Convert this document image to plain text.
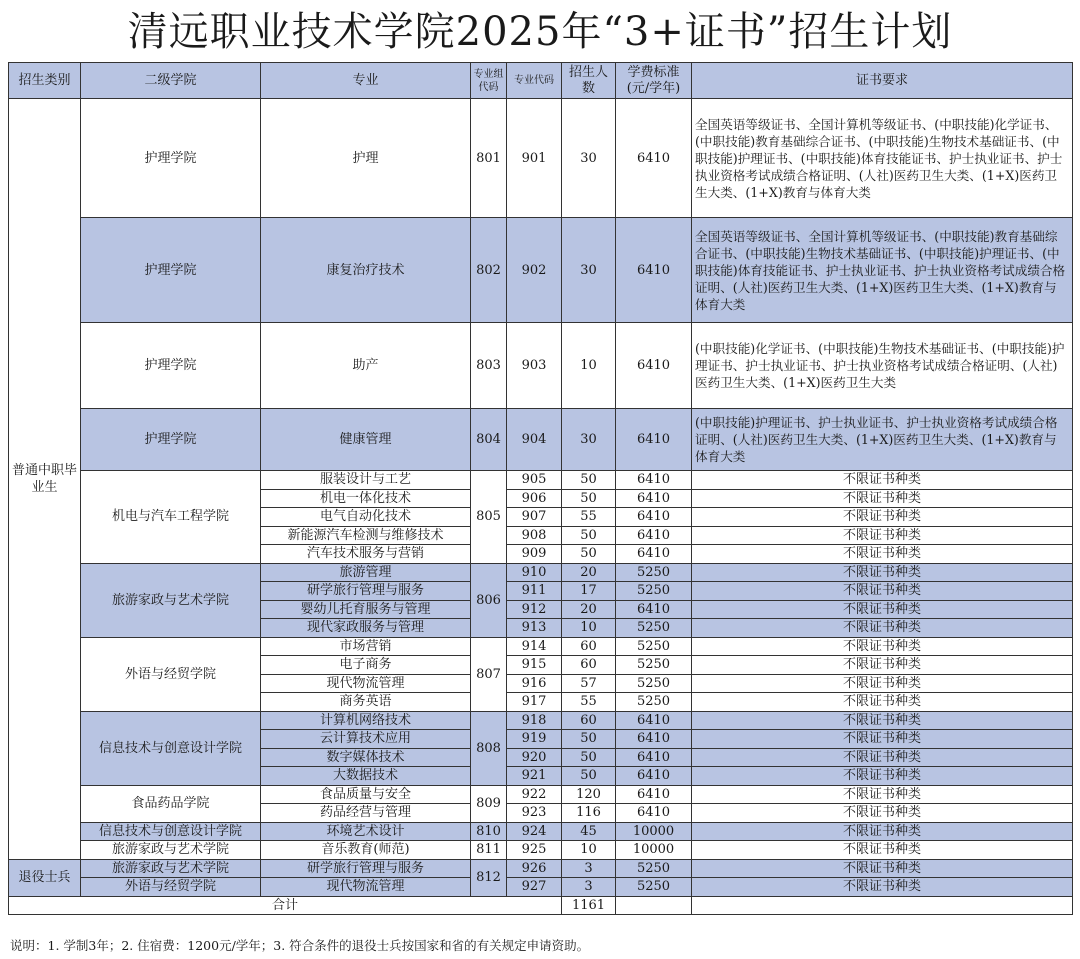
清远职业技术学院2025年“3+证书”招生计划
招生类别	二级学院	专业	专业组代码	专业代码	招生人数	学费标准(元/学年)	证书要求
普通中职毕业生	护理学院	护理	801	901	30	6410	全国英语等级证书、全国计算机等级证书、(中职技能)化学证书、(中职技能)教育基础综合证书、(中职技能)生物技术基础证书、(中职技能)护理证书、(中职技能)体育技能证书、护士执业证书、护士执业资格考试成绩合格证明、(人社)医药卫生大类、(1+X)医药卫生大类、(1+X)教育与体育大类
	护理学院	康复治疗技术	802	902	30	6410	全国英语等级证书、全国计算机等级证书、(中职技能)教育基础综合证书、(中职技能)生物技术基础证书、(中职技能)护理证书、(中职技能)体育技能证书、护士执业证书、护士执业资格考试成绩合格证明、(人社)医药卫生大类、(1+X)医药卫生大类、(1+X)教育与体育大类
	护理学院	助产	803	903	10	6410	(中职技能)化学证书、(中职技能)生物技术基础证书、(中职技能)护理证书、护士执业证书、护士执业资格考试成绩合格证明、(人社)医药卫生大类、(1+X)医药卫生大类
	护理学院	健康管理	804	904	30	6410	(中职技能)护理证书、护士执业证书、护士执业资格考试成绩合格证明、(人社)医药卫生大类、(1+X)医药卫生大类、(1+X)教育与体育大类
	机电与汽车工程学院	服装设计与工艺	805	905	50	6410	不限证书种类
		机电一体化技术		906	50	6410	不限证书种类
		电气自动化技术		907	55	6410	不限证书种类
		新能源汽车检测与维修技术		908	50	6410	不限证书种类
		汽车技术服务与营销		909	50	6410	不限证书种类
	旅游家政与艺术学院	旅游管理	806	910	20	5250	不限证书种类
		研学旅行管理与服务		911	17	5250	不限证书种类
		婴幼儿托育服务与管理		912	20	6410	不限证书种类
		现代家政服务与管理		913	10	5250	不限证书种类
	外语与经贸学院	市场营销	807	914	60	5250	不限证书种类
		电子商务		915	60	5250	不限证书种类
		现代物流管理		916	57	5250	不限证书种类
		商务英语		917	55	5250	不限证书种类
	信息技术与创意设计学院	计算机网络技术	808	918	60	6410	不限证书种类
		云计算技术应用		919	50	6410	不限证书种类
		数字媒体技术		920	50	6410	不限证书种类
		大数据技术		921	50	6410	不限证书种类
	食品药品学院	食品质量与安全	809	922	120	6410	不限证书种类
		药品经营与管理		923	116	6410	不限证书种类
	信息技术与创意设计学院	环境艺术设计	810	924	45	10000	不限证书种类
	旅游家政与艺术学院	音乐教育(师范)	811	925	10	10000	不限证书种类
退役士兵	旅游家政与艺术学院	研学旅行管理与服务	812	926	3	5250	不限证书种类
	外语与经贸学院	现代物流管理		927	3	5250	不限证书种类
合计					1161		
说明：1. 学制3年；2. 住宿费：1200元/学年；3. 符合条件的退役士兵按国家和省的有关规定申请资助。
